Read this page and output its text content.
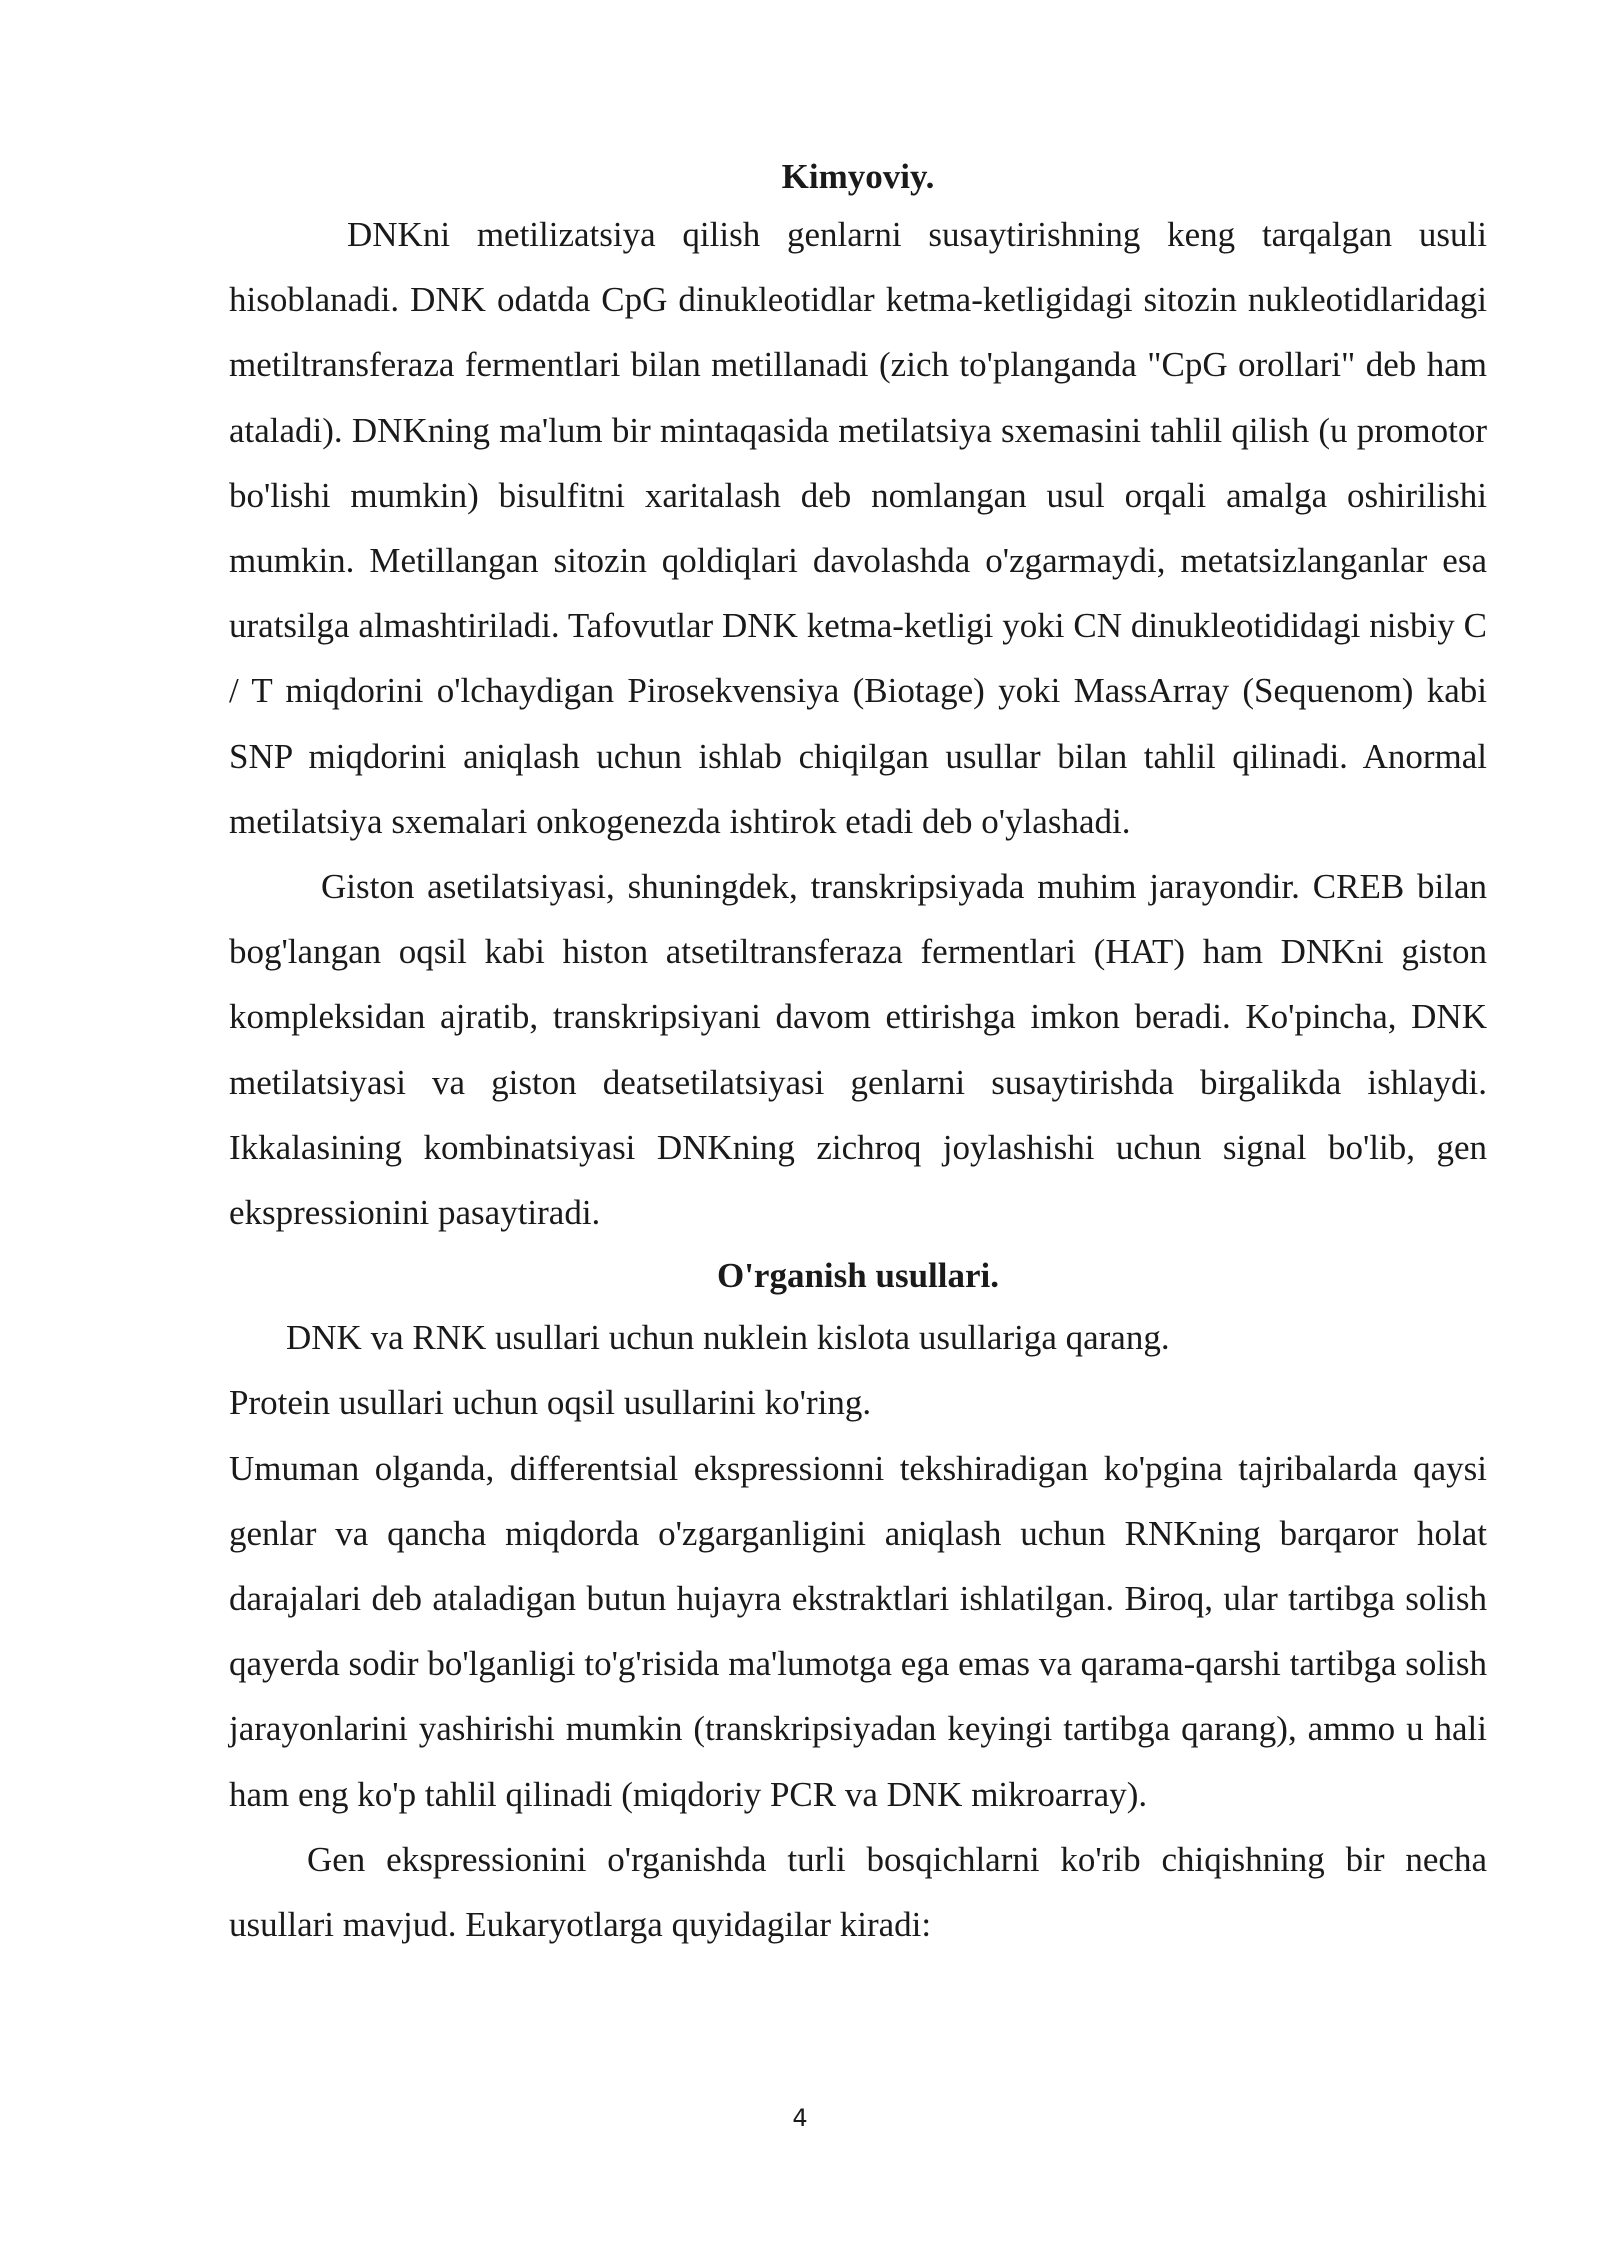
Kimyoviy.

DNKni metilizatsiya qilish genlarni susaytirishning keng tarqalgan usuli hisoblanadi. DNK odatda CpG dinukleotidlar ketma-ketligidagi sitozin nukleotidlaridagi metiltransferaza fermentlari bilan metillanadi (zich to'planganda "CpG orollari" deb ham ataladi). DNKning ma'lum bir mintaqasida metilatsiya sxemasini tahlil qilish (u promotor bo'lishi mumkin) bisulfitni xaritalash deb nomlangan usul orqali amalga oshirilishi mumkin. Metillangan sitozin qoldiqlari davolashda o'zgarmaydi, metatsizlanganlar esa uratsilga almashtiriladi. Tafovutlar DNK ketma-ketligi yoki CN dinukleotididagi nisbiy C / T miqdorini o'lchaydigan Pirosekvensiya (Biotage) yoki MassArray (Sequenom) kabi SNP miqdorini aniqlash uchun ishlab chiqilgan usullar bilan tahlil qilinadi. Anormal metilatsiya sxemalari onkogenezda ishtirok etadi deb o'ylashadi.

Giston asetilatsiyasi, shuningdek, transkripsiyada muhim jarayondir. CREB bilan bog'langan oqsil kabi histon atsetiltransferaza fermentlari (HAT) ham DNKni giston kompleksidan ajratib, transkripsiyani davom ettirishga imkon beradi. Ko'pincha, DNK metilatsiyasi va giston deatsetilatsiyasi genlarni susaytirishda birgalikda ishlaydi. Ikkalasining kombinatsiyasi DNKning zichroq joylashishi uchun signal bo'lib, gen ekspressionini pasaytiradi.

O'rganish usullari.

DNK va RNK usullari uchun nuklein kislota usullariga qarang.

Protein usullari uchun oqsil usullarini ko'ring.

Umuman olganda, differentsial ekspressionni tekshiradigan ko'pgina tajribalarda qaysi genlar va qancha miqdorda o'zgarganligini aniqlash uchun RNKning barqaror holat darajalari deb ataladigan butun hujayra ekstraktlari ishlatilgan. Biroq, ular tartibga solish qayerda sodir bo'lganligi to'g'risida ma'lumotga ega emas va qarama-qarshi tartibga solish jarayonlarini yashirishi mumkin (transkripsiyadan keyingi tartibga qarang), ammo u hali ham eng ko'p tahlil qilinadi (miqdoriy PCR va DNK mikroarray).

Gen ekspressionini o'rganishda turli bosqichlarni ko'rib chiqishning bir necha usullari mavjud. Eukaryotlarga quyidagilar kiradi:

4
